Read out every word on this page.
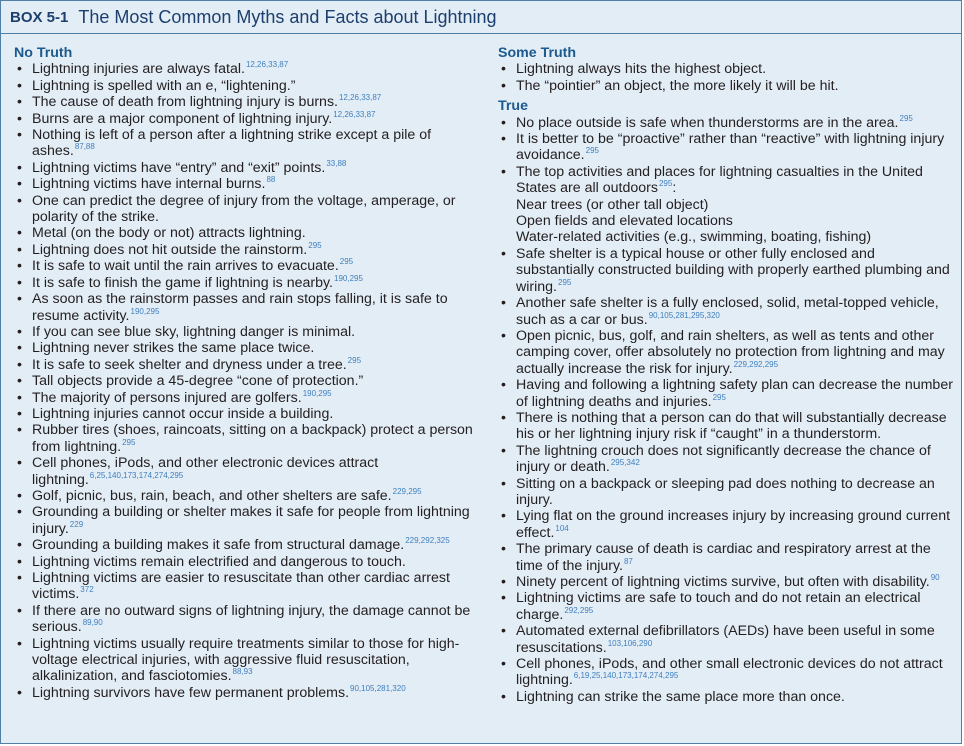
BOX 5-1 The Most Common Myths and Facts about Lightning
No Truth
• Lightning injuries are always fatal.$^{12,26,33,87}$
• Lightning is spelled with an e, “lightening.”
• The cause of death from lightning injury is burns.$^{12,26,33,87}$
• Burns are a major component of lightning injury.$^{12,26,33,87}$
• Nothing is left of a person after a lightning strike except a pile of ashes.$^{87,88}$
• Lightning victims have “entry” and “exit” points.$^{33,88}$
• Lightning victims have internal burns.$^{88}$
• One can predict the degree of injury from the voltage, amperage, or polarity of the strike.
• Metal (on the body or not) attracts lightning.
• Lightning does not hit outside the rainstorm.$^{295}$
• It is safe to wait until the rain arrives to evacuate.$^{295}$
• It is safe to finish the game if lightning is nearby.$^{190,295}$
• As soon as the rainstorm passes and rain stops falling, it is safe to resume activity.$^{190,295}$
• If you can see blue sky, lightning danger is minimal.
• Lightning never strikes the same place twice.
• It is safe to seek shelter and dryness under a tree.$^{295}$
• Tall objects provide a 45-degree “cone of protection.”
• The majority of persons injured are golfers.$^{190,295}$
• Lightning injuries cannot occur inside a building.
• Rubber tires (shoes, raincoats, sitting on a backpack) protect a person from lightning.$^{295}$
• Cell phones, iPods, and other electronic devices attract lightning.$^{6,25,140,173,174,274,295}$
• Golf, picnic, bus, rain, beach, and other shelters are safe.$^{229,295}$
• Grounding a building or shelter makes it safe for people from lightning injury.$^{229}$
• Grounding a building makes it safe from structural damage.$^{229,292,325}$
• Lightning victims remain electrified and dangerous to touch.
• Lightning victims are easier to resuscitate than other cardiac arrest victims.$^{372}$
• If there are no outward signs of lightning injury, the damage cannot be serious.$^{89,90}$
• Lightning victims usually require treatments similar to those for high-voltage electrical injuries, with aggressive fluid resuscitation, alkalinization, and fasciotomies.$^{88,93}$
• Lightning survivors have few permanent problems.$^{90,105,281,320}$
Some Truth
• Lightning always hits the highest object.
• The “pointier” an object, the more likely it will be hit.
True
• No place outside is safe when thunderstorms are in the area.$^{295}$
• It is better to be “proactive” rather than “reactive” with lightning injury avoidance.$^{295}$
• The top activities and places for lightning casualties in the United States are all outdoors$^{295}$:
Near trees (or other tall object)
Open fields and elevated locations
Water-related activities (e.g., swimming, boating, fishing)
• Safe shelter is a typical house or other fully enclosed and substantially constructed building with properly earthed plumbing and wiring.$^{295}$
• Another safe shelter is a fully enclosed, solid, metal-topped vehicle, such as a car or bus.$^{90,105,281,295,320}$
• Open picnic, bus, golf, and rain shelters, as well as tents and other camping cover, offer absolutely no protection from lightning and may actually increase the risk for injury.$^{229,292,295}$
• Having and following a lightning safety plan can decrease the number of lightning deaths and injuries.$^{295}$
• There is nothing that a person can do that will substantially decrease his or her lightning injury risk if “caught” in a thunderstorm.
• The lightning crouch does not significantly decrease the chance of injury or death.$^{295,342}$
• Sitting on a backpack or sleeping pad does nothing to decrease an injury.
• Lying flat on the ground increases injury by increasing ground current effect.$^{104}$
• The primary cause of death is cardiac and respiratory arrest at the time of the injury.$^{87}$
• Ninety percent of lightning victims survive, but often with disability.$^{90}$
• Lightning victims are safe to touch and do not retain an electrical charge.$^{292,295}$
• Automated external defibrillators (AEDs) have been useful in some resuscitations.$^{103,106,290}$
• Cell phones, iPods, and other small electronic devices do not attract lightning.$^{6,19,25,140,173,174,274,295}$
• Lightning can strike the same place more than once.
